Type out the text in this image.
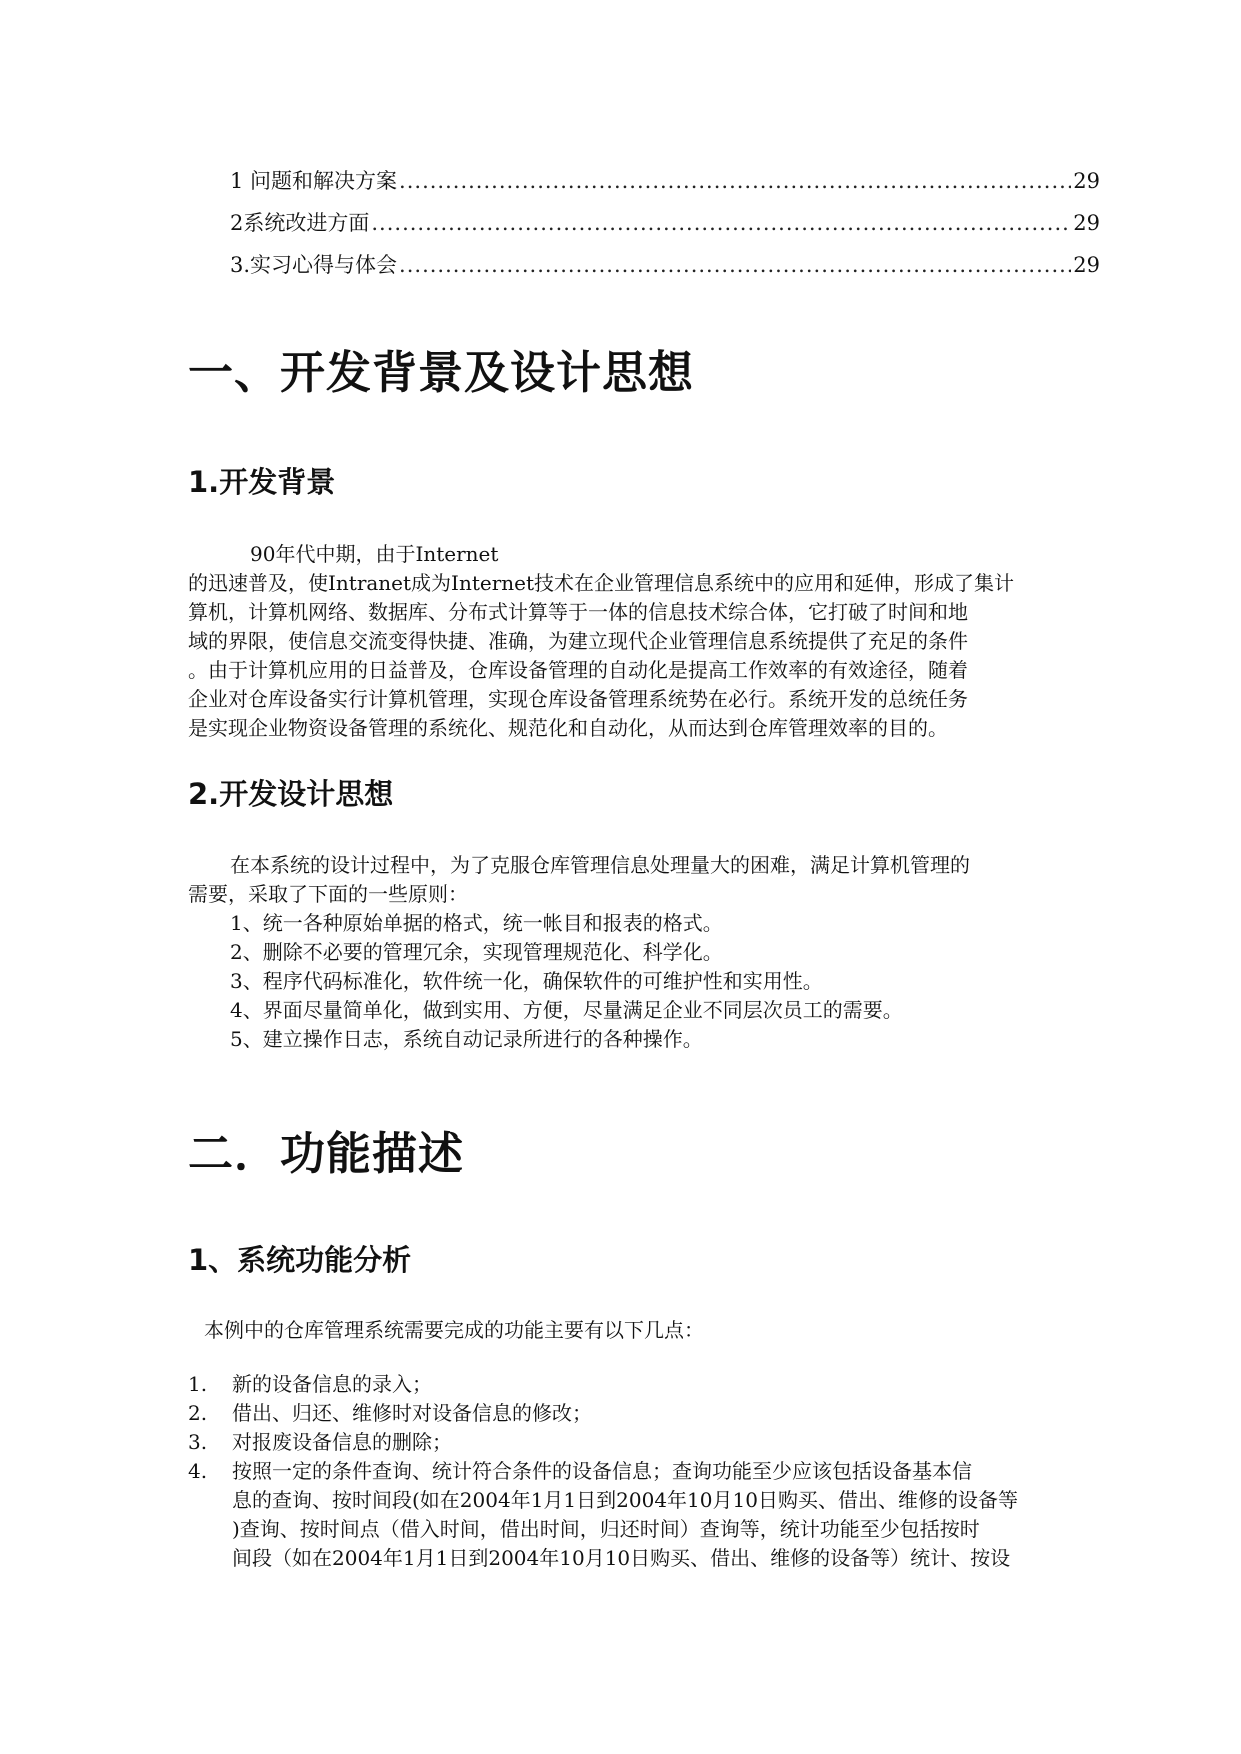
1 问题和解决方案 .....	29
2系统改进方面 .....	29
3.实习心得与体会 .....	29
一、开发背景及设计思想
1.开发背景
90年代中期，由于Internet
的迅速普及，使Intranet成为Internet技术在企业管理信息系统中的应用和延伸，形成了集计
算机，计算机网络、数据库、分布式计算等于一体的信息技术综合体，它打破了时间和地
域的界限，使信息交流变得快捷、准确，为建立现代企业管理信息系统提供了充足的条件
。由于计算机应用的日益普及，仓库设备管理的自动化是提高工作效率的有效途径，随着
企业对仓库设备实行计算机管理，实现仓库设备管理系统势在必行。系统开发的总统任务
是实现企业物资设备管理的系统化、规范化和自动化，从而达到仓库管理效率的目的。
2.开发设计思想
在本系统的设计过程中，为了克服仓库管理信息处理量大的困难，满足计算机管理的
需要，采取了下面的一些原则：
1、统一各种原始单据的格式，统一帐目和报表的格式。
2、删除不必要的管理冗余，实现管理规范化、科学化。
3、程序代码标准化，软件统一化，确保软件的可维护性和实用性。
4、界面尽量简单化，做到实用、方便，尽量满足企业不同层次员工的需要。
5、建立操作日志，系统自动记录所进行的各种操作。
二．功能描述
1、系统功能分析
本例中的仓库管理系统需要完成的功能主要有以下几点：
1.	新的设备信息的录入；
2.	借出、归还、维修时对设备信息的修改；
3.	对报废设备信息的删除；
4.	按照一定的条件查询、统计符合条件的设备信息；查询功能至少应该包括设备基本信
息的查询、按时间段(如在2004年1月1日到2004年10月10日购买、借出、维修的设备等
)查询、按时间点（借入时间，借出时间，归还时间）查询等，统计功能至少包括按时
间段（如在2004年1月1日到2004年10月10日购买、借出、维修的设备等）统计、按设
